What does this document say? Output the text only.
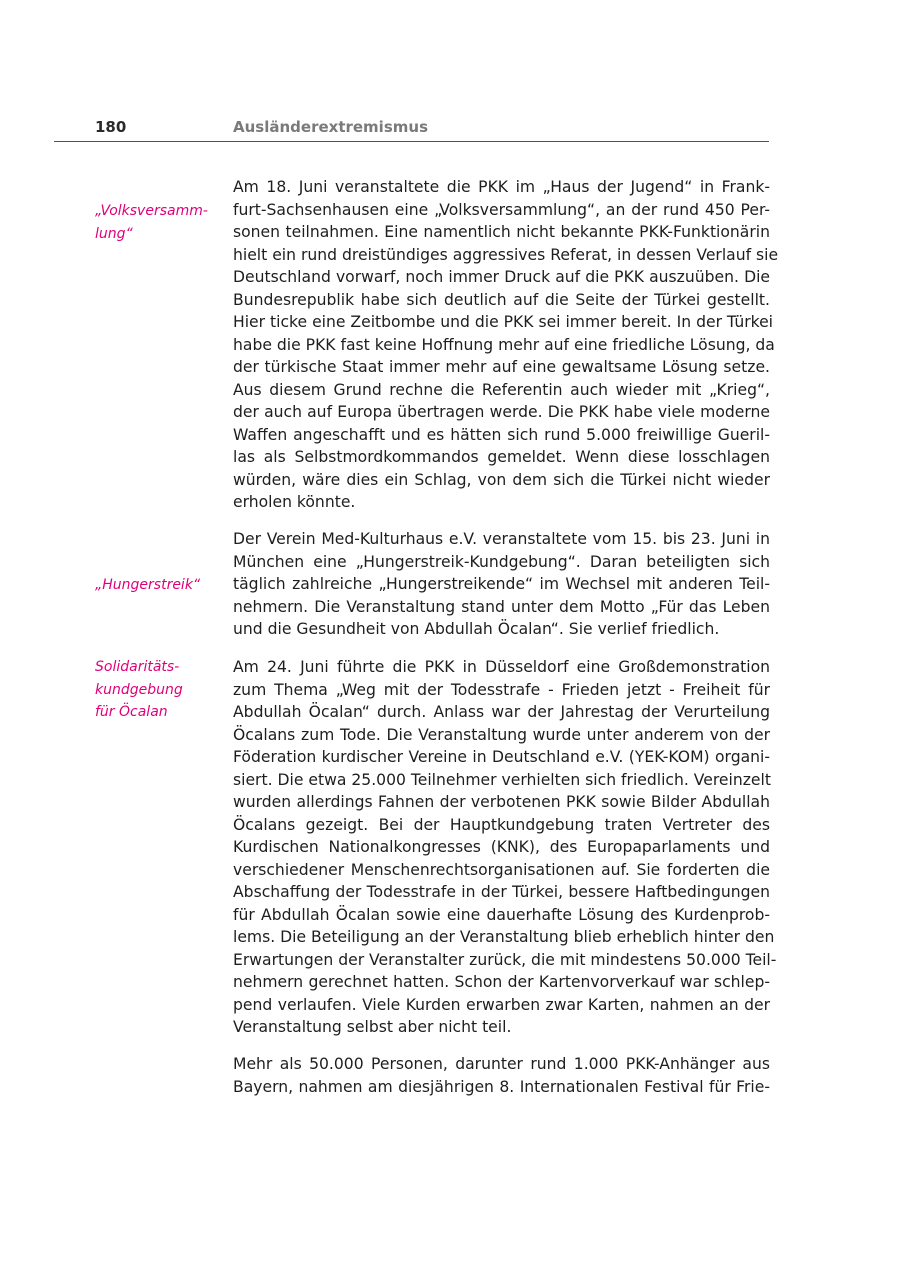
180	Ausländerextremismus
„Volksversamm-
lung“
„Hungerstreik“
Solidaritäts-
kundgebung
für Öcalan
Am 18. Juni veranstaltete die PKK im „Haus der Jugend“ in Frank-
furt-Sachsenhausen eine „Volksversammlung“, an der rund 450 Per-
sonen teilnahmen. Eine namentlich nicht bekannte PKK-Funktionärin
hielt ein rund dreistündiges aggressives Referat, in dessen Verlauf sie
Deutschland vorwarf, noch immer Druck auf die PKK auszuüben. Die
Bundesrepublik habe sich deutlich auf die Seite der Türkei gestellt.
Hier ticke eine Zeitbombe und die PKK sei immer bereit. In der Türkei
habe die PKK fast keine Hoffnung mehr auf eine friedliche Lösung, da
der türkische Staat immer mehr auf eine gewaltsame Lösung setze.
Aus diesem Grund rechne die Referentin auch wieder mit „Krieg“,
der auch auf Europa übertragen werde. Die PKK habe viele moderne
Waffen angeschafft und es hätten sich rund 5.000 freiwillige Gueril-
las als Selbstmordkommandos gemeldet. Wenn diese losschlagen
würden, wäre dies ein Schlag, von dem sich die Türkei nicht wieder
erholen könnte.
Der Verein Med-Kulturhaus e.V. veranstaltete vom 15. bis 23. Juni in
München eine „Hungerstreik-Kundgebung“. Daran beteiligten sich
täglich zahlreiche „Hungerstreikende“ im Wechsel mit anderen Teil-
nehmern. Die Veranstaltung stand unter dem Motto „Für das Leben
und die Gesundheit von Abdullah Öcalan“. Sie verlief friedlich.
Am 24. Juni führte die PKK in Düsseldorf eine Großdemonstration
zum Thema „Weg mit der Todesstrafe - Frieden jetzt - Freiheit für
Abdullah Öcalan“ durch. Anlass war der Jahrestag der Verurteilung
Öcalans zum Tode. Die Veranstaltung wurde unter anderem von der
Föderation kurdischer Vereine in Deutschland e.V. (YEK-KOM) organi-
siert. Die etwa 25.000 Teilnehmer verhielten sich friedlich. Vereinzelt
wurden allerdings Fahnen der verbotenen PKK sowie Bilder Abdullah
Öcalans gezeigt. Bei der Hauptkundgebung traten Vertreter des
Kurdischen Nationalkongresses (KNK), des Europaparlaments und
verschiedener Menschenrechtsorganisationen auf. Sie forderten die
Abschaffung der Todesstrafe in der Türkei, bessere Haftbedingungen
für Abdullah Öcalan sowie eine dauerhafte Lösung des Kurdenprob-
lems. Die Beteiligung an der Veranstaltung blieb erheblich hinter den
Erwartungen der Veranstalter zurück, die mit mindestens 50.000 Teil-
nehmern gerechnet hatten. Schon der Kartenvorverkauf war schlep-
pend verlaufen. Viele Kurden erwarben zwar Karten, nahmen an der
Veranstaltung selbst aber nicht teil.
Mehr als 50.000 Personen, darunter rund 1.000 PKK-Anhänger aus
Bayern, nahmen am diesjährigen 8. Internationalen Festival für Frie-
